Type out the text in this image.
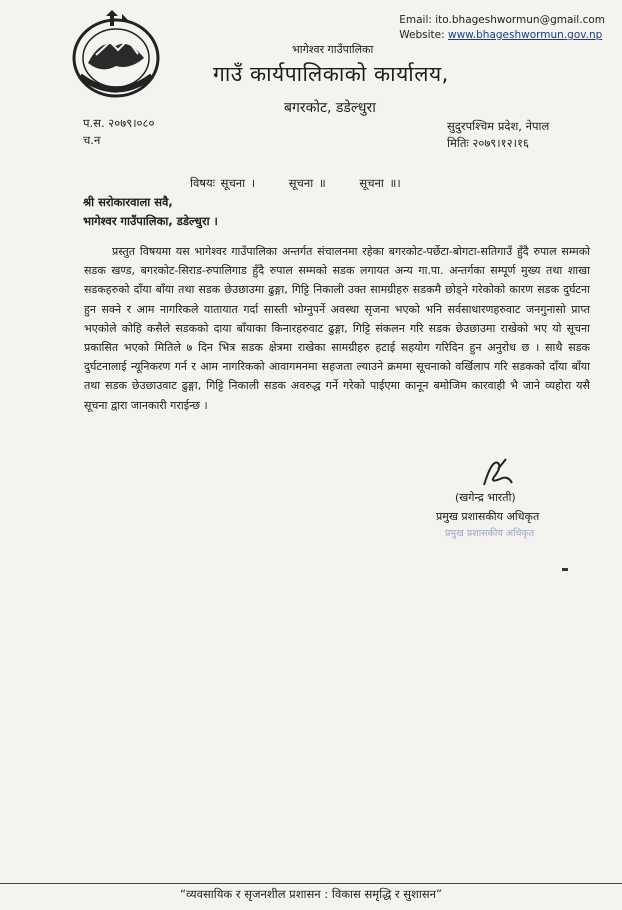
Email: ito.bhageshwormun@gmail.com
Website: www.bhageshwormun.gov.np
भागेश्वर गाउँपालिका
गाउँ कार्यपालिकाको कार्यालय,
बगरकोट, डडेल्धुरा
प.स. २०७९।०८०
च.न
सुदुरपश्चिम प्रदेश, नेपाल
मितिः २०७९।१२।१६
विषयः सूचना ।	सूचना ॥	सूचना ॥।
श्री सरोकारवाला सवै,
भागेश्वर गाउँपालिका, डडेल्धुरा ।
प्रस्तुत विषयमा यस भागेश्वर गाउँपालिका अन्तर्गत संचालनमा रहेका बगरकोट-पर्छेटा-बोगटा-सतिगाउँ हुँदै रुपाल सम्मको सडक खण्ड, बगरकोट-सिराड-रुपालिगाड हुँदै रुपाल सम्मको सडक लगायत अन्य गा.पा. अन्तर्गका सम्पूर्ण मुख्य तथा शाखा सडकहरुको दाँया बाँया तथा सडक छेउछाउमा ढुङ्गा, गिट्टि निकाली उक्त सामग्रीहरु सडकमै छोड्ने गरेकोको कारण सडक दुर्घटना हुन सक्ने र आम नागरिकले यातायात गर्दा सास्ती भोग्नुपर्ने अवस्था सृजना भएको भनि सर्वसाधारणहरुवाट जनगुनासो प्राप्त भएकोले कोहि कसैले सडकको दाया बाँयाका किनारहरुवाट ढुङ्गा, गिट्टि संकलन गरि सडक छेउछाउमा राखेको भए यो सूचना प्रकासित भएको मितिले ७ दिन भित्र सडक क्षेत्रमा राखेका सामग्रीहरु हटाई सहयोग गरिदिन हुन अनुरोध छ । साथै सडक दुर्घटनालाई न्यूनिकरण गर्न र आम नागरिकको आवागमनमा सहजता ल्याउने क्रममा सूचनाको वर्खिलाप गरि सडकको दाँया बाँया तथा सडक छेउछाउवाट ढुङ्गा, गिट्टि निकाली सडक अवरुद्ध गर्ने गरेको पाईएमा कानून बमोजिम कारवाही भै जाने व्यहोरा यसै सूचना द्वारा जानकारी गराईन्छ ।
(खगेन्द्र भारती)
प्रमुख प्रशासकीय अधिकृत
प्रमुख प्रशासकीय अधिकृत
“व्यवसायिक र सृजनशील प्रशासन : विकास समृद्धि र सुशासन”
